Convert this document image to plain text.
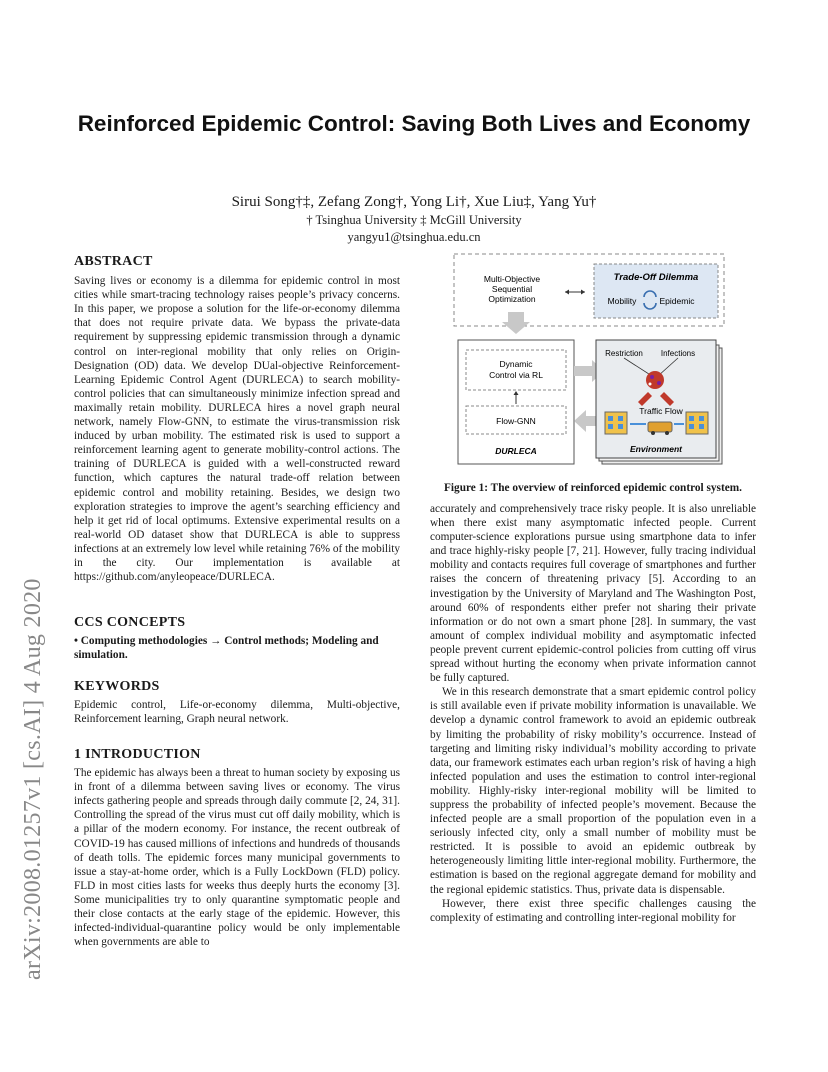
arXiv:2008.01257v1 [cs.AI] 4 Aug 2020
Reinforced Epidemic Control: Saving Both Lives and Economy
Sirui Song†‡, Zefang Zong†, Yong Li†, Xue Liu‡, Yang Yu†
† Tsinghua University ‡ McGill University
yangyu1@tsinghua.edu.cn
ABSTRACT

Saving lives or economy is a dilemma for epidemic control in most cities while smart-tracing technology raises people’s privacy concerns. In this paper, we propose a solution for the life-or-economy dilemma that does not require private data. We bypass the private-data requirement by suppressing epidemic transmission through a dynamic control on inter-regional mobility that only relies on Origin-Designation (OD) data. We develop DUal-objective Reinforcement-Learning Epidemic Control Agent (DURLECA) to search mobility-control policies that can simultaneously minimize infection spread and maximally retain mobility. DURLECA hires a novel graph neural network, namely Flow-GNN, to estimate the virus-transmission risk induced by urban mobility. The estimated risk is used to support a reinforcement learning agent to generate mobility-control actions. The training of DURLECA is guided with a well-constructed reward function, which captures the natural trade-off relation between epidemic control and mobility retaining. Besides, we design two exploration strategies to improve the agent’s searching efficiency and help it get rid of local optimums. Extensive experimental results on a real-world OD dataset show that DURLECA is able to suppress infections at an extremely low level while retaining 76% of the mobility in the city. Our implementation is available at https://github.com/anyleopeace/DURLECA.

CCS CONCEPTS

• Computing methodologies → Control methods; Modeling and simulation.

KEYWORDS

Epidemic control, Life-or-economy dilemma, Multi-objective, Reinforcement learning, Graph neural network.

1 INTRODUCTION

The epidemic has always been a threat to human society by exposing us in front of a dilemma between saving lives or economy. The virus infects gathering people and spreads through daily commute [2, 24, 31]. Controlling the spread of the virus must cut off daily mobility, which is a pillar of the modern economy. For instance, the recent outbreak of COVID-19 has caused millions of infections and hundreds of thousands of death tolls. The epidemic forces many municipal governments to issue a stay-at-home order, which is a Fully LockDown (FLD) policy. FLD in most cities lasts for weeks thus deeply hurts the economy [3]. Some municipalities try to only quarantine symptomatic people and their close contacts at the early stage of the epidemic. However, this infected-individual-quarantine policy would be only implementable when governments are able to

Multi-Objective
Sequential
Optimization
Trade-Off Dilemma
Mobility	Epidemic
Dynamic
Control via RL
Flow-GNN
DURLECA
Restriction Infections
Traffic Flow
Environment
Figure 1: The overview of reinforced epidemic control system.

accurately and comprehensively trace risky people. It is also unreliable when there exist many asymptomatic infected people. Current computer-science explorations pursue using smartphone data to infer and trace highly-risky people [7, 21]. However, fully tracing individual mobility and contacts requires full coverage of smartphones and further raises the concern of threatening privacy [5]. According to an investigation by the University of Maryland and The Washington Post, around 60% of respondents either prefer not sharing their private information or do not own a smart phone [28]. In summary, the vast amount of complex individual mobility and asymptomatic infected people prevent current epidemic-control policies from cutting off virus spread without hurting the economy when private information cannot be fully captured.

We in this research demonstrate that a smart epidemic control policy is still available even if private mobility information is unavailable. We develop a dynamic control framework to avoid an epidemic outbreak by limiting the probability of risky mobility’s occurrence. Instead of targeting and limiting risky individual’s mobility according to private data, our framework estimates each urban region’s risk of having a high infected population and uses the estimation to control inter-regional mobility. Highly-risky inter-regional mobility will be limited to suppress the probability of infected people’s movement. Because the infected people are a small proportion of the population even in a seriously infected city, only a small number of mobility must be restricted. It is possible to avoid an epidemic outbreak by heterogeneously limiting little inter-regional mobility. Furthermore, the estimation is based on the regional aggregate demand for mobility and the regional epidemic statistics. Thus, private data is dispensable.

However, there exist three specific challenges causing the complexity of estimating and controlling inter-regional mobility for
